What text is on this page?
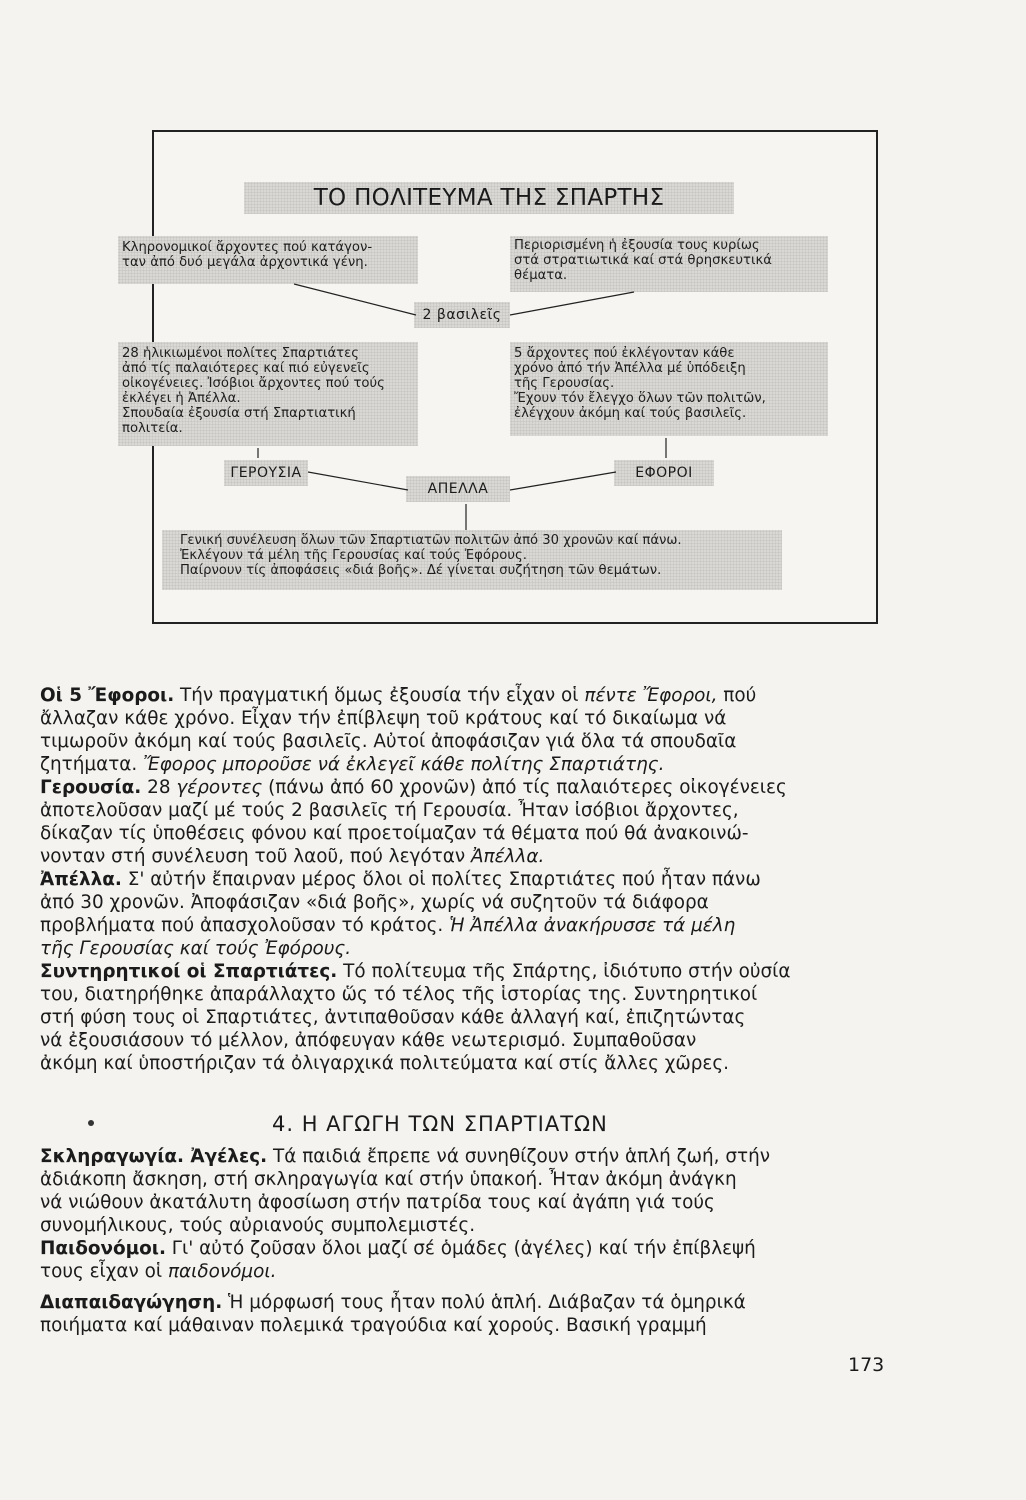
ΤΟ ΠΟΛΙΤΕΥΜΑ ΤΗΣ ΣΠΑΡΤΗΣ
Κληρονομικοί ἄρχοντες πού κατάγον-
ταν ἀπό δυό μεγάλα ἀρχοντικά γένη.
Περιορισμένη ἡ ἐξουσία τους κυρίως
στά στρατιωτικά καί στά θρησκευτικά
θέματα.
2 βασιλεῖς
28 ἡλικιωμένοι πολίτες Σπαρτιάτες
ἀπό τίς παλαιότερες καί πιό εὐγενεῖς
οἰκογένειες. Ἰσόβιοι ἄρχοντες πού τούς
ἐκλέγει ἡ Ἀπέλλα.
Σπουδαία ἐξουσία στή Σπαρτιατική
πολιτεία.
5 ἄρχοντες πού ἐκλέγονταν κάθε
χρόνο ἀπό τήν Ἀπέλλα μέ ὑπόδειξη
τῆς Γερουσίας.
Ἔχουν τόν ἔλεγχο ὅλων τῶν πολιτῶν,
ἐλέγχουν ἀκόμη καί τούς βασιλεῖς.
ΓΕΡΟΥΣΙΑ
ΑΠΕΛΛΑ
ΕΦΟΡΟΙ
Γενική συνέλευση ὅλων τῶν Σπαρτιατῶν πολιτῶν ἀπό 30 χρονῶν καί πάνω.
Ἐκλέγουν τά μέλη τῆς Γερουσίας καί τούς Ἐφόρους.
Παίρνουν τίς ἀποφάσεις «διά βοῆς». Δέ γίνεται συζήτηση τῶν θεμάτων.
Οἱ 5 Ἔφοροι. Τήν πραγματική ὅμως ἐξουσία τήν εἶχαν οἱ πέντε Ἔφοροι, πού
ἄλλαζαν κάθε χρόνο. Εἶχαν τήν ἐπίβλεψη τοῦ κράτους καί τό δικαίωμα νά
τιμωροῦν ἀκόμη καί τούς βασιλεῖς. Αὐτοί ἀποφάσιζαν γιά ὅλα τά σπουδαῖα
ζητήματα. Ἔφορος μποροῦσε νά ἐκλεγεῖ κάθε πολίτης Σπαρτιάτης.
Γερουσία. 28 γέροντες (πάνω ἀπό 60 χρονῶν) ἀπό τίς παλαιότερες οἰκογένειες
ἀποτελοῦσαν μαζί μέ τούς 2 βασιλεῖς τή Γερουσία. Ἦταν ἰσόβιοι ἄρχοντες,
δίκαζαν τίς ὑποθέσεις φόνου καί προετοίμαζαν τά θέματα πού θά ἀνακοινώ-
νονταν στή συνέλευση τοῦ λαοῦ, πού λεγόταν Ἀπέλλα.
Ἀπέλλα. Σ' αὐτήν ἔπαιρναν μέρος ὅλοι οἱ πολίτες Σπαρτιάτες πού ἦταν πάνω
ἀπό 30 χρονῶν. Ἀποφάσιζαν «διά βοῆς», χωρίς νά συζητοῦν τά διάφορα
προβλήματα πού ἀπασχολοῦσαν τό κράτος. Ἡ Ἀπέλλα ἀνακήρυσσε τά μέλη
τῆς Γερουσίας καί τούς Ἐφόρους.
Συντηρητικοί οἱ Σπαρτιάτες. Τό πολίτευμα τῆς Σπάρτης, ἰδιότυπο στήν οὐσία
του, διατηρήθηκε ἀπαράλλαχτο ὥς τό τέλος τῆς ἱστορίας της. Συντηρητικοί
στή φύση τους οἱ Σπαρτιάτες, ἀντιπαθοῦσαν κάθε ἀλλαγή καί, ἐπιζητώντας
νά ἐξουσιάσουν τό μέλλον, ἀπόφευγαν κάθε νεωτερισμό. Συμπαθοῦσαν
ἀκόμη καί ὑποστήριζαν τά ὀλιγαρχικά πολιτεύματα καί στίς ἄλλες χῶρες.
4. Η ΑΓΩΓΗ ΤΩΝ ΣΠΑΡΤΙΑΤΩΝ
Σκληραγωγία. Ἀγέλες. Τά παιδιά ἔπρεπε νά συνηθίζουν στήν ἁπλή ζωή, στήν
ἀδιάκοπη ἄσκηση, στή σκληραγωγία καί στήν ὑπακοή. Ἦταν ἀκόμη ἀνάγκη
νά νιώθουν ἀκατάλυτη ἀφοσίωση στήν πατρίδα τους καί ἀγάπη γιά τούς
συνομήλικους, τούς αὐριανούς συμπολεμιστές.
Παιδονόμοι. Γι' αὐτό ζοῦσαν ὅλοι μαζί σέ ὁμάδες (ἀγέλες) καί τήν ἐπίβλεψή
τους εἶχαν οἱ παιδονόμοι.
Διαπαιδαγώγηση. Ἡ μόρφωσή τους ἦταν πολύ ἁπλή. Διάβαζαν τά ὁμηρικά
ποιήματα καί μάθαιναν πολεμικά τραγούδια καί χορούς. Βασική γραμμή
173
